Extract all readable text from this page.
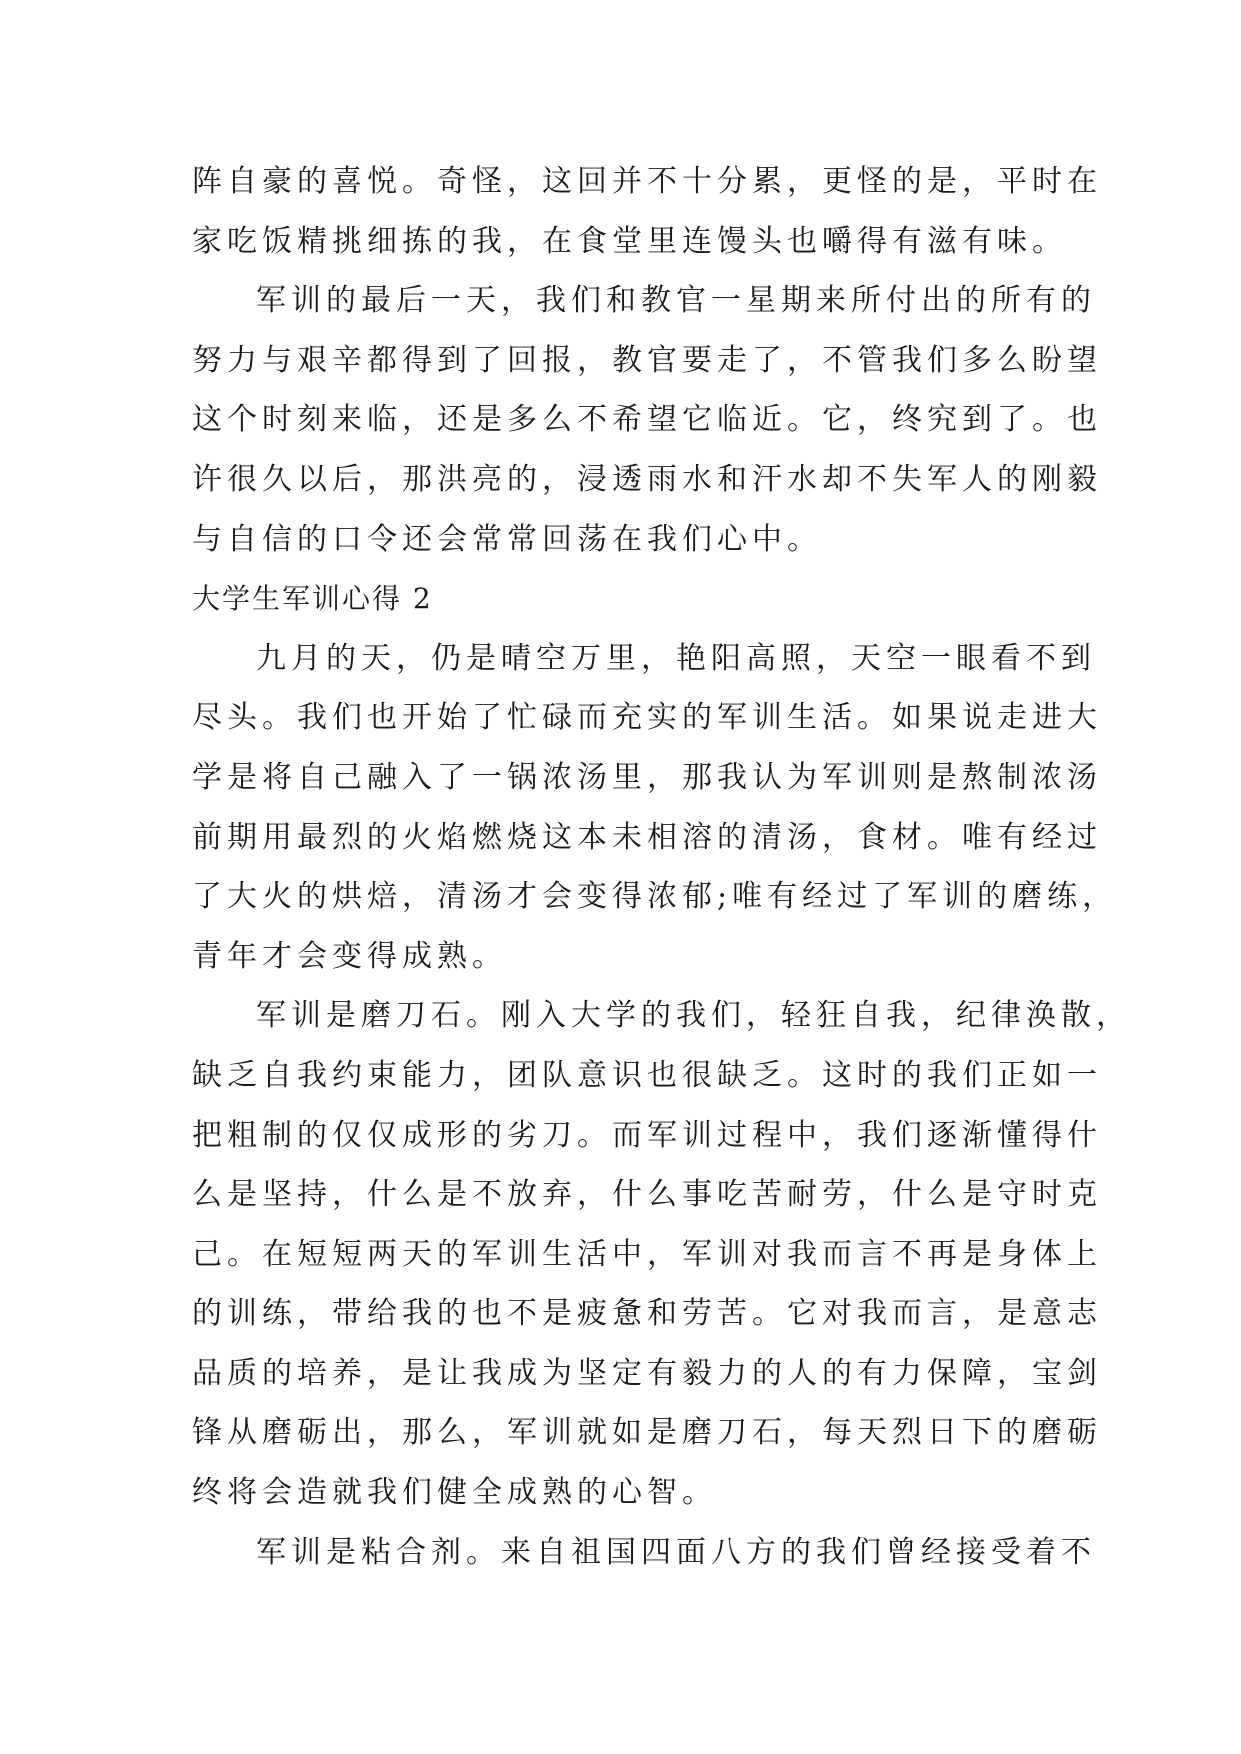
阵自豪的喜悦。奇怪，这回并不十分累，更怪的是，平时在
家吃饭精挑细拣的我，在食堂里连馒头也嚼得有滋有味。
军训的最后一天，我们和教官一星期来所付出的所有的
努力与艰辛都得到了回报，教官要走了，不管我们多么盼望
这个时刻来临，还是多么不希望它临近。它，终究到了。也
许很久以后，那洪亮的，浸透雨水和汗水却不失军人的刚毅
与自信的口令还会常常回荡在我们心中。
大学生军训心得 2
九月的天，仍是晴空万里，艳阳高照，天空一眼看不到
尽头。我们也开始了忙碌而充实的军训生活。如果说走进大
学是将自己融入了一锅浓汤里，那我认为军训则是熬制浓汤
前期用最烈的火焰燃烧这本未相溶的清汤，食材。唯有经过
了大火的烘焙，清汤才会变得浓郁;唯有经过了军训的磨练，
青年才会变得成熟。
军训是磨刀石。刚入大学的我们，轻狂自我，纪律涣散，
缺乏自我约束能力，团队意识也很缺乏。这时的我们正如一
把粗制的仅仅成形的劣刀。而军训过程中，我们逐渐懂得什
么是坚持，什么是不放弃，什么事吃苦耐劳，什么是守时克
己。在短短两天的军训生活中，军训对我而言不再是身体上
的训练，带给我的也不是疲惫和劳苦。它对我而言，是意志
品质的培养，是让我成为坚定有毅力的人的有力保障，宝剑
锋从磨砺出，那么，军训就如是磨刀石，每天烈日下的磨砺
终将会造就我们健全成熟的心智。
军训是粘合剂。来自祖国四面八方的我们曾经接受着不
